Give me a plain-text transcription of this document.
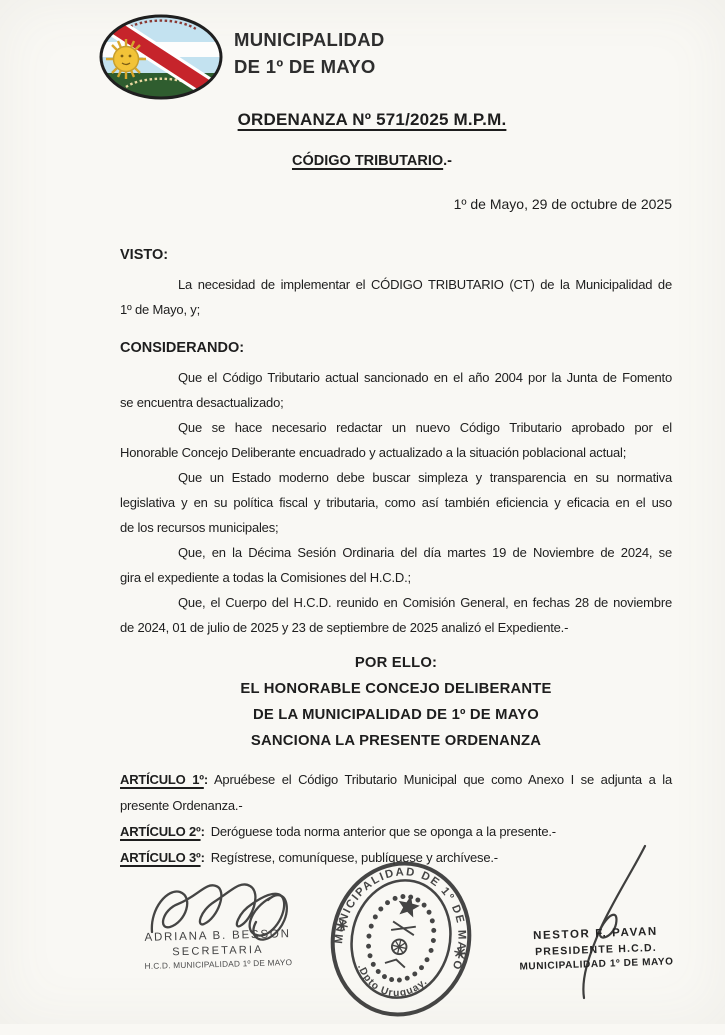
MUNICIPALIDAD
DE 1º DE MAYO
ORDENANZA Nº 571/2025 M.P.M.
CÓDIGO TRIBUTARIO.-
1º de Mayo, 29 de octubre de 2025
VISTO:
La necesidad de implementar el CÓDIGO TRIBUTARIO (CT) de la Municipalidad de
1º de Mayo, y;
CONSIDERANDO:
Que el Código Tributario actual sancionado en el año 2004 por la Junta de Fomento
se encuentra desactualizado;
Que se hace necesario redactar un nuevo Código Tributario aprobado por el
Honorable Concejo Deliberante encuadrado y actualizado a la situación poblacional actual;
Que un Estado moderno debe buscar simpleza y transparencia en su normativa
legislativa y en su política fiscal y tributaria, como así también eficiencia y eficacia en el uso
de los recursos municipales;
Que, en la Décima Sesión Ordinaria del día martes 19 de Noviembre de 2024, se
gira el expediente a todas la Comisiones del H.C.D.;
Que, el Cuerpo del H.C.D. reunido en Comisión General, en fechas 28 de noviembre
de 2024, 01 de julio de 2025 y 23 de septiembre de 2025 analizó el Expediente.-
POR ELLO:
EL HONORABLE CONCEJO DELIBERANTE
DE LA MUNICIPALIDAD DE 1º DE MAYO
SANCIONA LA PRESENTE ORDENANZA
ARTÍCULO 1º: Apruébese el Código Tributario Municipal que como Anexo I se adjunta a la
presente Ordenanza.-
ARTÍCULO 2º: Deróguese toda norma anterior que se oponga a la presente.-
ARTÍCULO 3º: Regístrese, comuníquese, publíquese y archívese.-
ADRIANA B. BESSON
SECRETARIA
H.C.D. MUNICIPALIDAD 1º DE MAYO
MUNICIPALIDAD DE 1º DE MAYO
.Dpto Uruguay.
NESTOR F. PAVAN
PRESIDENTE H.C.D.
MUNICIPALIDAD 1º DE MAYO
